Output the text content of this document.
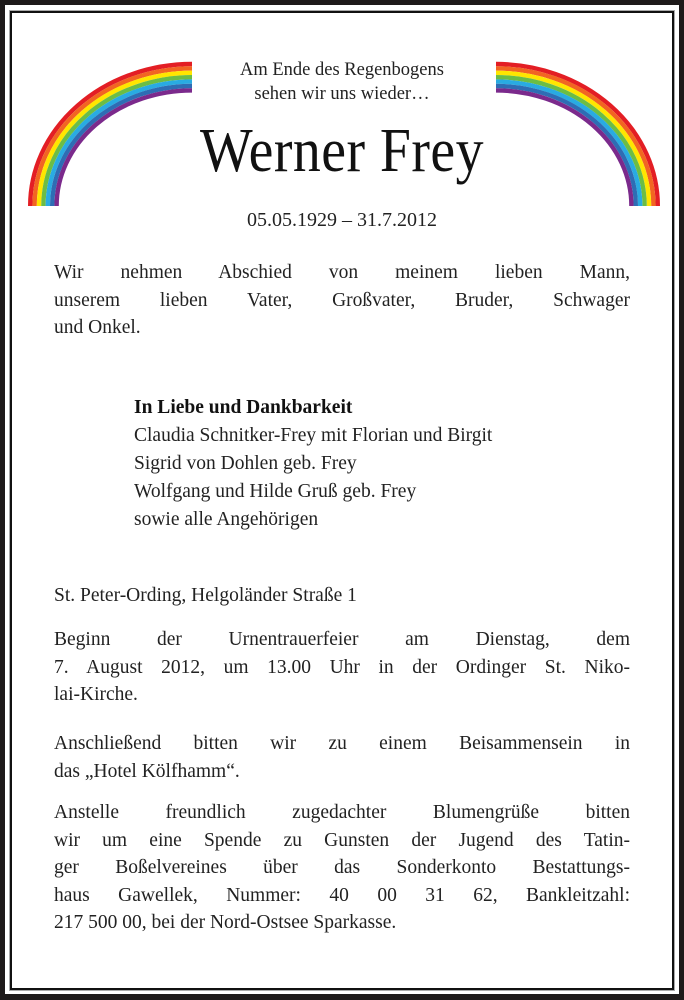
Am Ende des Regenbogens
sehen wir uns wieder…
Werner Frey
05.05.1929 – 31.7.2012
Wir nehmen Abschied von meinem lieben Mann,
unserem lieben Vater, Großvater, Bruder, Schwager
und Onkel.
In Liebe und Dankbarkeit
Claudia Schnitker-Frey mit Florian und Birgit
Sigrid von Dohlen geb. Frey
Wolfgang und Hilde Gruß geb. Frey
sowie alle Angehörigen
St. Peter-Ording, Helgoländer Straße 1
Beginn der Urnentrauerfeier am Dienstag, dem
7. August 2012, um 13.00 Uhr in der Ordinger St. Niko-
lai-Kirche.
Anschließend bitten wir zu einem Beisammensein in
das „Hotel Kölfhamm“.
Anstelle freundlich zugedachter Blumengrüße bitten
wir um eine Spende zu Gunsten der Jugend des Tatin-
ger Boßelvereines über das Sonderkonto Bestattungs-
haus Gawellek, Nummer: 40 00 31 62, Bankleitzahl:
217 500 00, bei der Nord-Ostsee Sparkasse.
